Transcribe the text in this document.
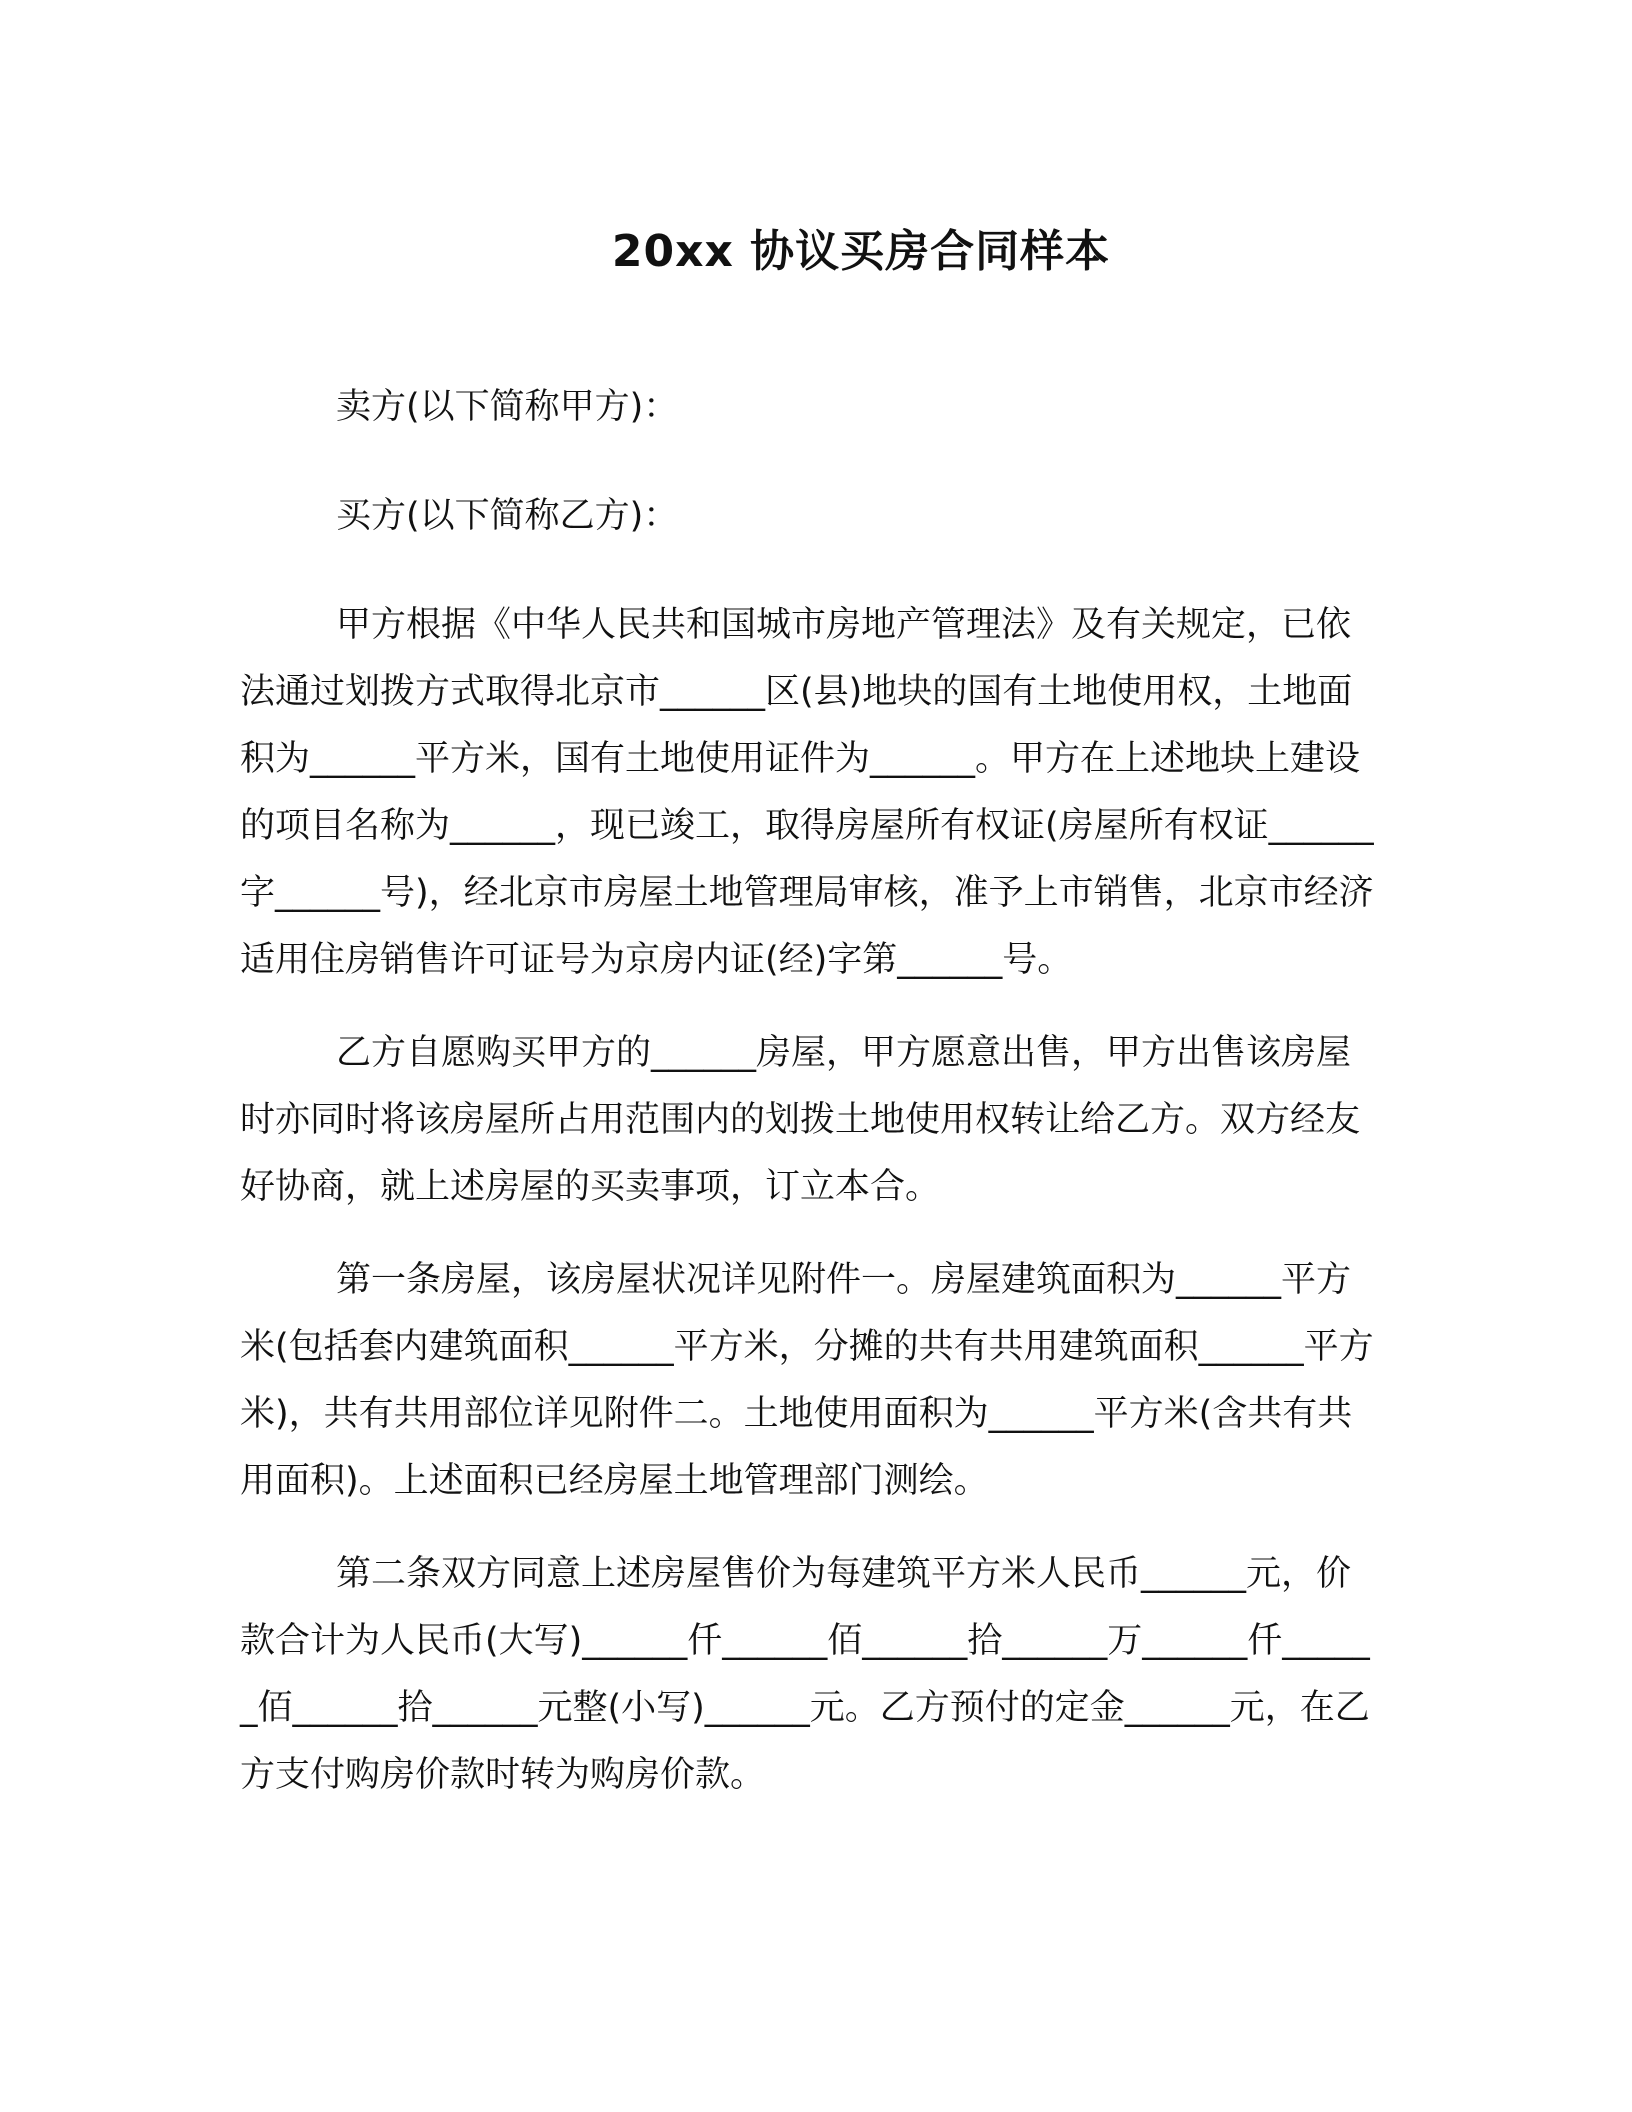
20xx 协议买房合同样本

卖方(以下简称甲方)：

买方(以下简称乙方)：

甲方根据《中华人民共和国城市房地产管理法》及有关规定，已依法通过划拨方式取得北京市______区(县)地块的国有土地使用权，土地面积为______平方米，国有土地使用证件为______。甲方在上述地块上建设的项目名称为______，现已竣工，取得房屋所有权证(房屋所有权证______字______号)，经北京市房屋土地管理局审核，准予上市销售，北京市经济适用住房销售许可证号为京房内证(经)字第______号。

乙方自愿购买甲方的______房屋，甲方愿意出售，甲方出售该房屋时亦同时将该房屋所占用范围内的划拨土地使用权转让给乙方。双方经友好协商，就上述房屋的买卖事项，订立本合。

第一条房屋，该房屋状况详见附件一。房屋建筑面积为______平方米(包括套内建筑面积______平方米，分摊的共有共用建筑面积______平方米)，共有共用部位详见附件二。土地使用面积为______平方米(含共有共用面积)。上述面积已经房屋土地管理部门测绘。

第二条双方同意上述房屋售价为每建筑平方米人民币______元，价款合计为人民币(大写)______仟______佰______拾______万______仟______佰______拾______元整(小写)______元。乙方预付的定金______元，在乙方支付购房价款时转为购房价款。
